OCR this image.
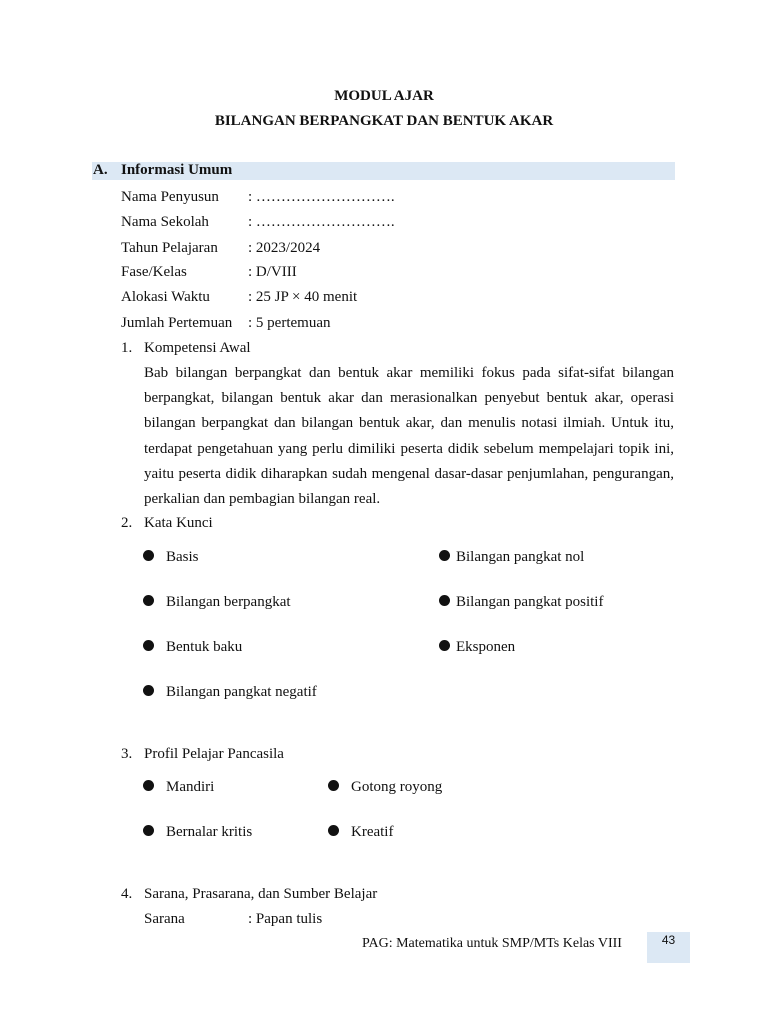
MODUL AJAR
BILANGAN BERPANGKAT DAN BENTUK AKAR
A. Informasi Umum
Nama Penyusun : ……………………….
Nama Sekolah	: ……………………….
Tahun Pelajaran : 2023/2024
Fase/Kelas	: D/VIII
Alokasi Waktu	: 25 JP × 40 menit
Jumlah Pertemuan : 5 pertemuan
1. Kompetensi Awal
Bab bilangan berpangkat dan bentuk akar memiliki fokus pada sifat-sifat bilangan berpangkat, bilangan bentuk akar dan merasionalkan penyebut bentuk akar, operasi bilangan berpangkat dan bilangan bentuk akar, dan menulis notasi ilmiah. Untuk itu, terdapat pengetahuan yang perlu dimiliki peserta didik sebelum mempelajari topik ini, yaitu peserta didik diharapkan sudah mengenal dasar-dasar penjumlahan, pengurangan, perkalian dan pembagian bilangan real.
2. Kata Kunci
Basis	Bilangan pangkat nol
Bilangan berpangkat	Bilangan pangkat positif
Bentuk baku	Eksponen
Bilangan pangkat negatif
3. Profil Pelajar Pancasila
Mandiri	Gotong royong
Bernalar kritis	Kreatif
4. Sarana, Prasarana, dan Sumber Belajar
Sarana	: Papan tulis
PAG: Matematika untuk SMP/MTs Kelas VIII	43
